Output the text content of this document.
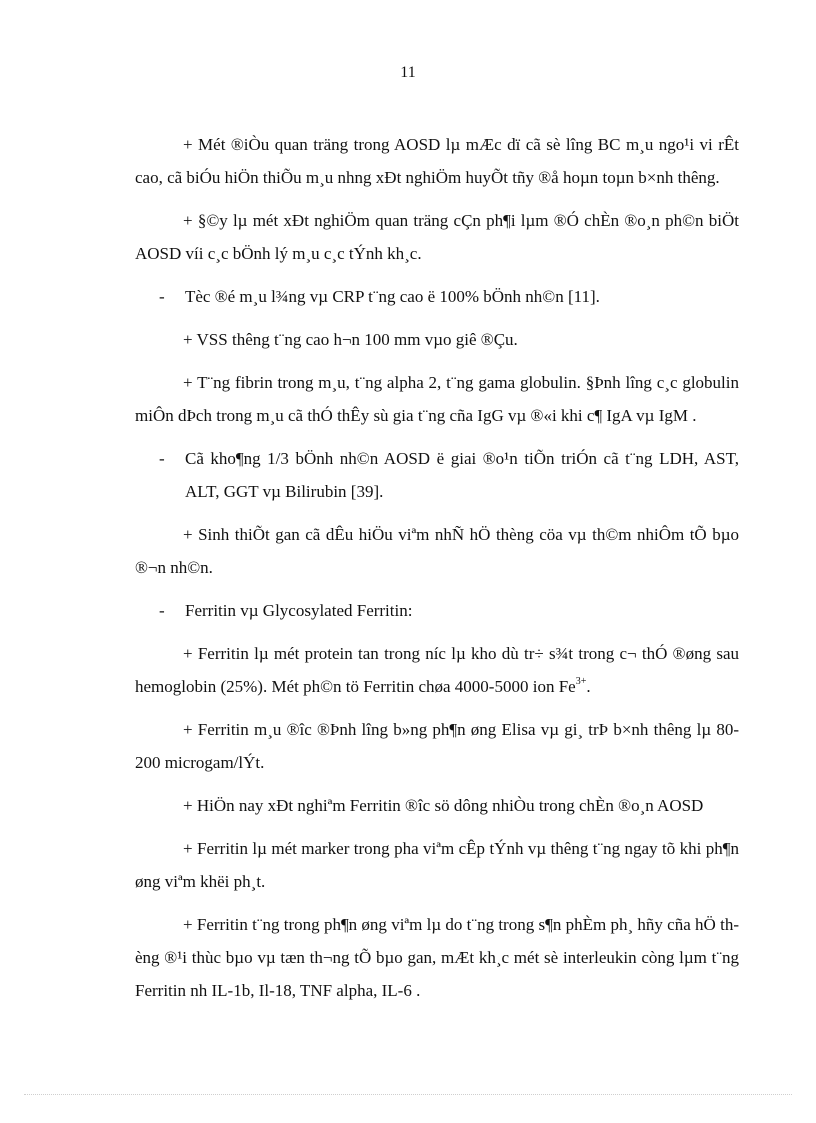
11

+ Mét ®iÒu quan träng trong AOSD lµ mÆc dï cã sè lîng BC m¸u ngo¹i vi rÊt cao, cã biÓu hiÖn thiÕu m¸u nhng xÐt nghiÖm huyÕt tñy ®å hoµn toµn b×nh thêng.

+ §©y lµ mét xÐt nghiÖm quan träng cÇn ph¶i lµm ®Ó chÈn ®o¸n ph©n biÖt AOSD víi c¸c bÖnh lý m¸u c¸c tÝnh kh¸c.

- Tèc ®é m¸u l¾ng vµ CRP t¨ng cao ë 100% bÖnh nh©n [11].

+ VSS thêng t¨ng cao h¬n 100 mm vµo giê ®Çu.

+ T¨ng fibrin trong m¸u, t¨ng alpha 2, t¨ng gama globulin. §Þnh lîng c¸c globulin miÔn dÞch trong m¸u cã thÓ thÊy sù gia t¨ng cña IgG vµ ®«i khi c¶ IgA vµ IgM .

- Cã kho¶ng 1/3 bÖnh nh©n AOSD ë giai ®o¹n tiÕn triÓn cã t¨ng LDH, AST, ALT, GGT vµ Bilirubin [39].

+ Sinh thiÕt gan cã dÊu hiÖu viªm nhÑ hÖ thèng cöa vµ th©m nhiÔm tÕ bµo ®¬n nh©n.

- Ferritin vµ Glycosylated Ferritin:

+ Ferritin lµ mét protein tan trong níc lµ kho dù tr÷ s¾t trong c¬ thÓ ®øng sau hemoglobin (25%). Mét ph©n tö Ferritin chøa 4000-5000 ion $Fe^{3+}$.

+ Ferritin m¸u ®îc ®Þnh lîng b»ng ph¶n øng Elisa vµ gi¸ trÞ b×nh thêng lµ 80-200 microgam/lÝt.

+ HiÖn nay xÐt nghiªm Ferritin ®îc sö dông nhiÒu trong chÈn ®o¸n AOSD

+ Ferritin lµ mét marker trong pha viªm cÊp tÝnh vµ thêng t¨ng ngay tõ khi ph¶n øng viªm khëi ph¸t.

+ Ferritin t¨ng trong ph¶n øng viªm lµ do t¨ng trong s¶n phÈm ph¸ hñy cña hÖ thèng ®¹i thùc bµo vµ tæn th¬ng tÕ bµo gan, mÆt kh¸c mét sè interleukin còng lµm t¨ng Ferritin nh IL-1b, Il-18, TNF alpha, IL-6 .
